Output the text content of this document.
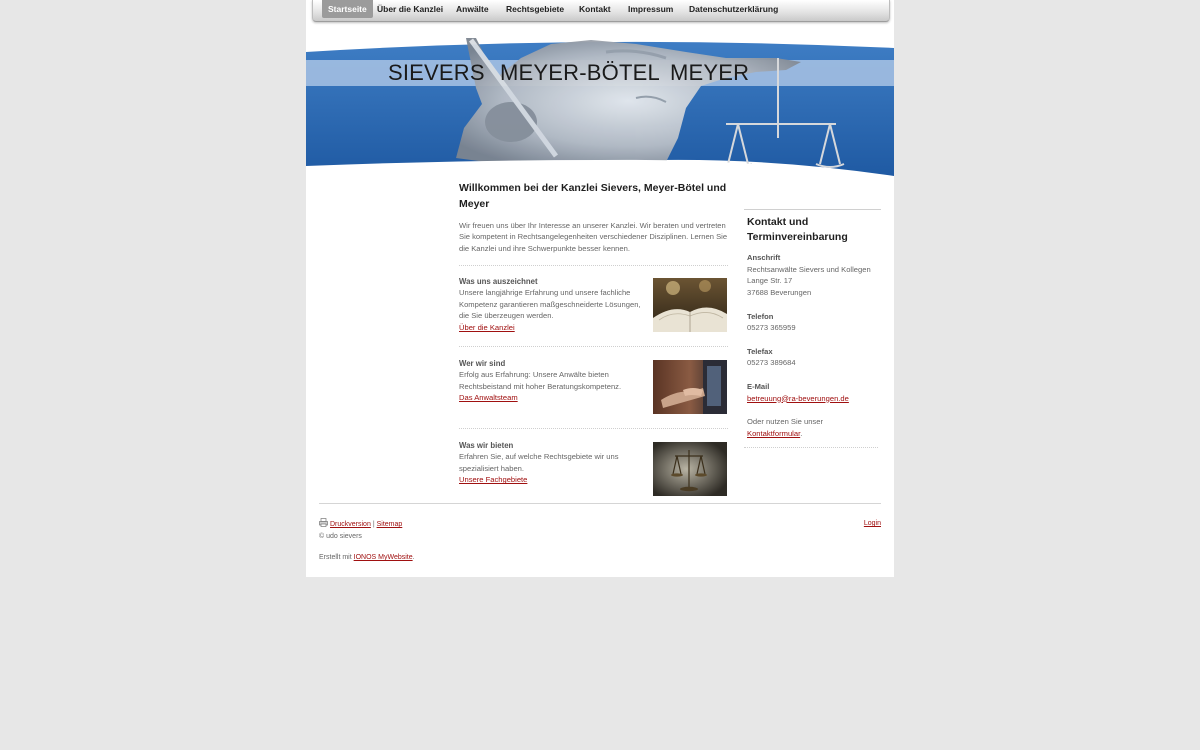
Startseite	Über die Kanzlei Anwälte Rechtsgebiete Kontakt Impressum Datenschutzerklärung
SIEVERS MEYER-BÖTEL MEYER
Willkommen bei der Kanzlei Sievers, Meyer-Bötel und Meyer

Wir freuen uns über Ihr Interesse an unserer Kanzlei. Wir beraten und vertreten Sie kompetent in Rechtsangelegenheiten verschiedener Disziplinen. Lernen Sie die Kanzlei und ihre Schwerpunkte besser kennen.

Was uns auszeichnet
Unsere langjährige Erfahrung und unsere fachliche Kompetenz garantieren maßgeschneiderte Lösungen, die Sie überzeugen werden.
Über die Kanzlei
Wer wir sind
Erfolg aus Erfahrung: Unsere Anwälte bieten Rechtsbeistand mit hoher Beratungskompetenz.
Das Anwaltsteam
Was wir bieten
Erfahren Sie, auf welche Rechtsgebiete wir uns spezialisiert haben.
Unsere Fachgebiete
Kontakt und Terminvereinbarung
Anschrift
Rechtsanwälte Sievers und Kollegen
Lange Str. 17
37688 Beverungen
Telefon
05273 365959
Telefax
05273 389684
E-Mail
betreuung@ra-beverungen.de
Oder nutzen Sie unser
Kontaktformular.
Druckversion | Sitemap
© udo sievers
Erstellt mit IONOS MyWebsite.
Login
